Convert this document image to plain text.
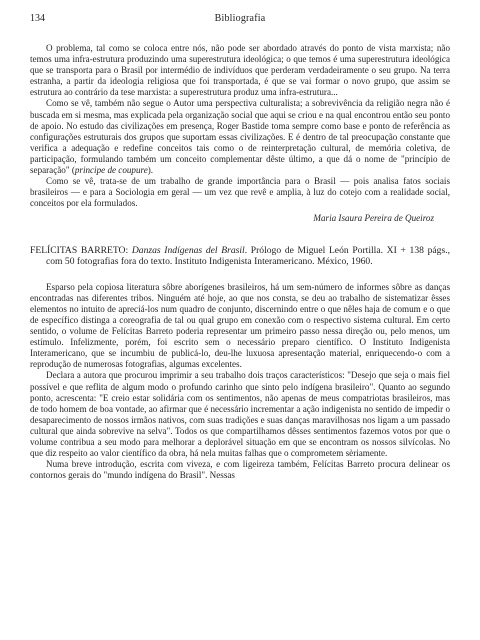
134	Bibliografia

O problema, tal como se coloca entre nós, não pode ser abordado através do ponto de vista marxista; não temos uma infra-estrutura produzindo uma superestrutura ideológica; o que temos é uma superestrutura ideológica que se transporta para o Brasil por intermédio de indivíduos que perderam verdadeiramente o seu grupo. Na terra estranha, a partir da ideologia religiosa que foi transportada, é que se vai formar o novo grupo, que assim se estrutura ao contrário da tese marxista: a superestrutura produz uma infra-estrutura...

Como se vê, também não segue o Autor uma perspectiva culturalista; a sobrevivência da religião negra não é buscada em si mesma, mas explicada pela organização social que aqui se criou e na qual encontrou então seu ponto de apoio. No estudo das civilizações em presença, Roger Bastide toma sempre como base e ponto de referência as configurações estruturais dos grupos que suportam essas civilizações. E é dentro de tal preocupação constante que verifica a adequação e redefine conceitos tais como o de reinterpretação cultural, de memória coletiva, de participação, formulando também um conceito complementar dêste último, a que dá o nome de "princípio de separação" (principe de coupure).

Como se vê, trata-se de um trabalho de grande importância para o Brasil — pois analisa fatos sociais brasileiros — e para a Sociologia em geral — um vez que revê e amplia, à luz do cotejo com a realidade social, conceitos por ela formulados.

Maria Isaura Pereira de Queiroz

FELÍCITAS BARRETO: Danzas Indígenas del Brasil. Prólogo de Miguel León Portilla. XI + 138 págs., com 50 fotografias fora do texto. Instituto Indigenista Interamericano. México, 1960.

Esparso pela copiosa literatura sôbre aborígenes brasileiros, há um sem-número de informes sôbre as danças encontradas nas diferentes tribos. Ninguém até hoje, ao que nos consta, se deu ao trabalho de sistematizar êsses elementos no intuito de apreciá-los num quadro de conjunto, discernindo entre o que nêles haja de comum e o que de específico distinga a coreografia de tal ou qual grupo em conexão com o respectivo sistema cultural. Em certo sentido, o volume de Felícitas Barreto poderia representar um primeiro passo nessa direção ou, pelo menos, um estímulo. Infelizmente, porém, foi escrito sem o necessário preparo científico. O Instituto Indigenista Interamericano, que se incumbiu de publicá-lo, deu-lhe luxuosa apresentação material, enriquecendo-o com a reprodução de numerosas fotografias, algumas excelentes.

Declara a autora que procurou imprimir a seu trabalho dois traços característicos: "Desejo que seja o mais fiel possível e que reflita de algum modo o profundo carinho que sinto pelo indígena brasileiro". Quanto ao segundo ponto, acrescenta: "E creio estar solidária com os sentimentos, não apenas de meus compatriotas brasileiros, mas de todo homem de boa vontade, ao afirmar que é necessário incrementar a ação indigenista no sentido de impedir o desaparecimento de nossos irmãos nativos, com suas tradições e suas danças maravilhosas nos ligam a um passado cultural que ainda sobrevive na selva". Todos os que compartilhamos dêsses sentimentos fazemos votos por que o volume contribua a seu modo para melhorar a deplorável situação em que se encontram os nossos silvícolas. No que diz respeito ao valor científico da obra, há nela muitas falhas que o comprometem sèriamente.

Numa breve introdução, escrita com viveza, e com ligeireza também, Felícitas Barreto procura delinear os contornos gerais do "mundo indígena do Brasil". Nessas
